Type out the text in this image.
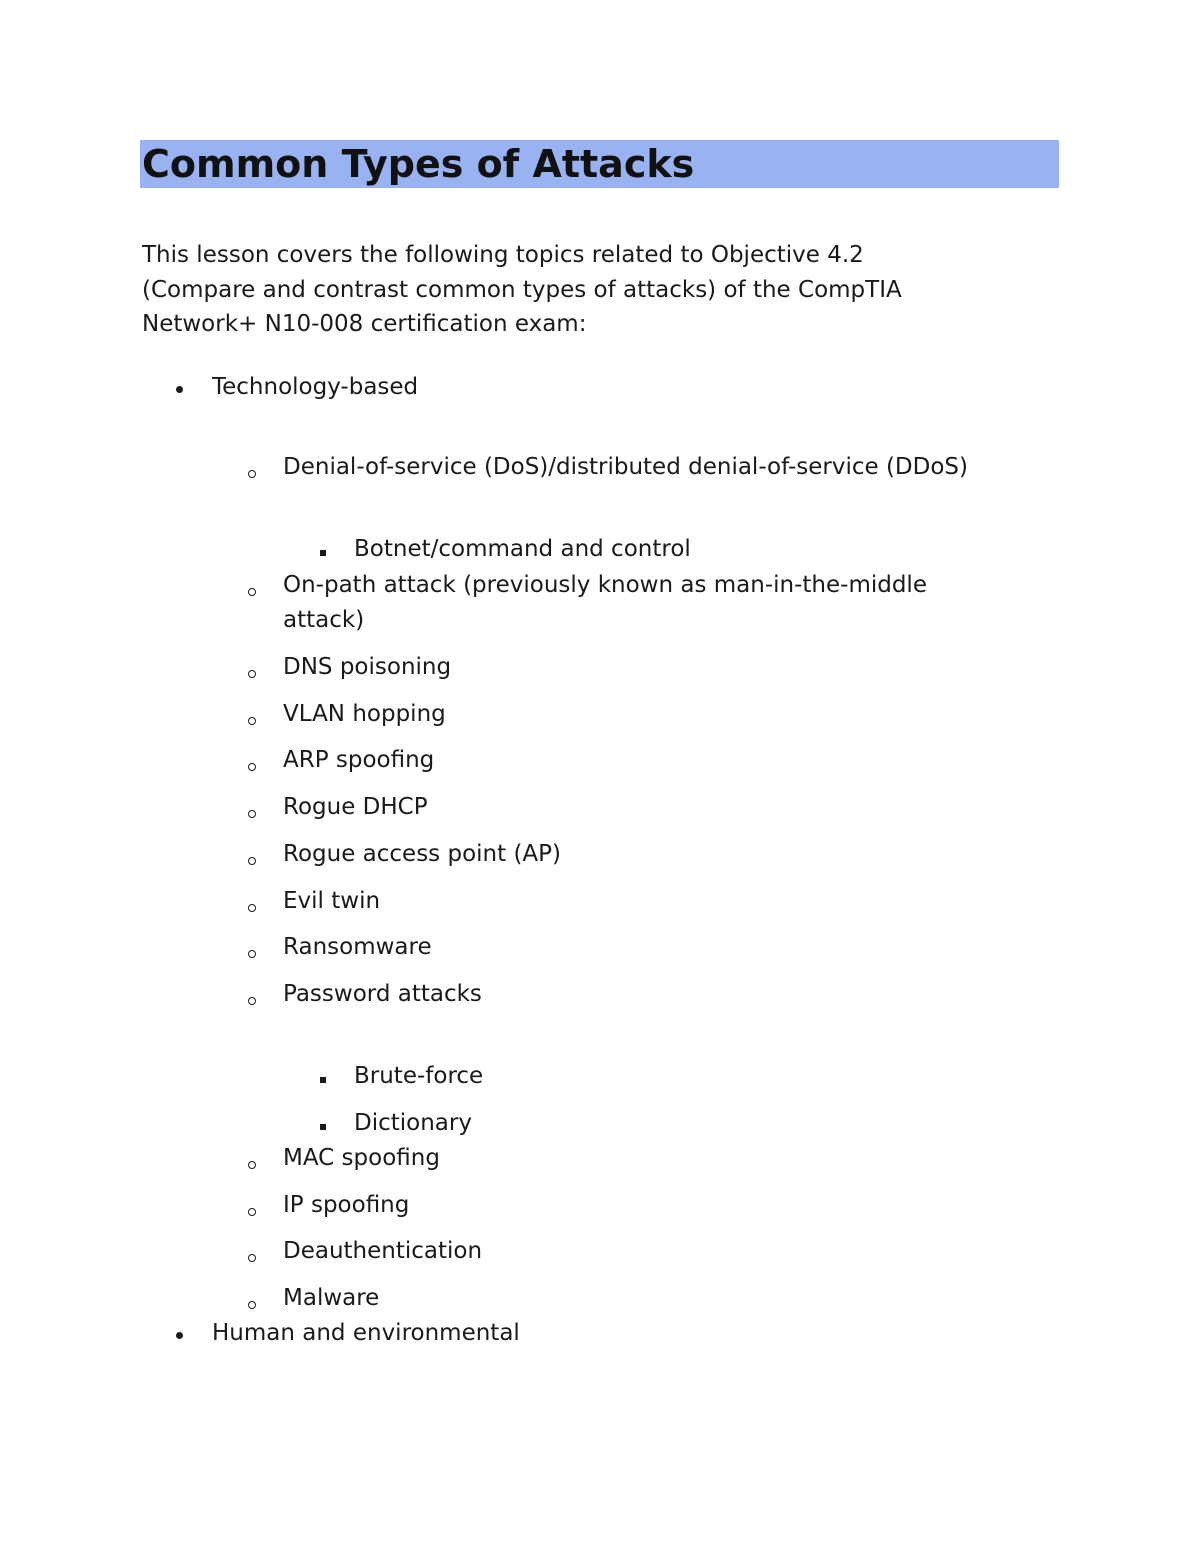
Common Types of Attacks
This lesson covers the following topics related to Objective 4.2
(Compare and contrast common types of attacks) of the CompTIA
Network+ N10-008 certification exam:
Technology-based
Denial-of-service (DoS)/distributed denial-of-service (DDoS)
Botnet/command and control
On-path attack (previously known as man-in-the-middle
attack)
DNS poisoning
VLAN hopping
ARP spoofing
Rogue DHCP
Rogue access point (AP)
Evil twin
Ransomware
Password attacks
Brute-force
Dictionary
MAC spoofing
IP spoofing
Deauthentication
Malware
Human and environmental
